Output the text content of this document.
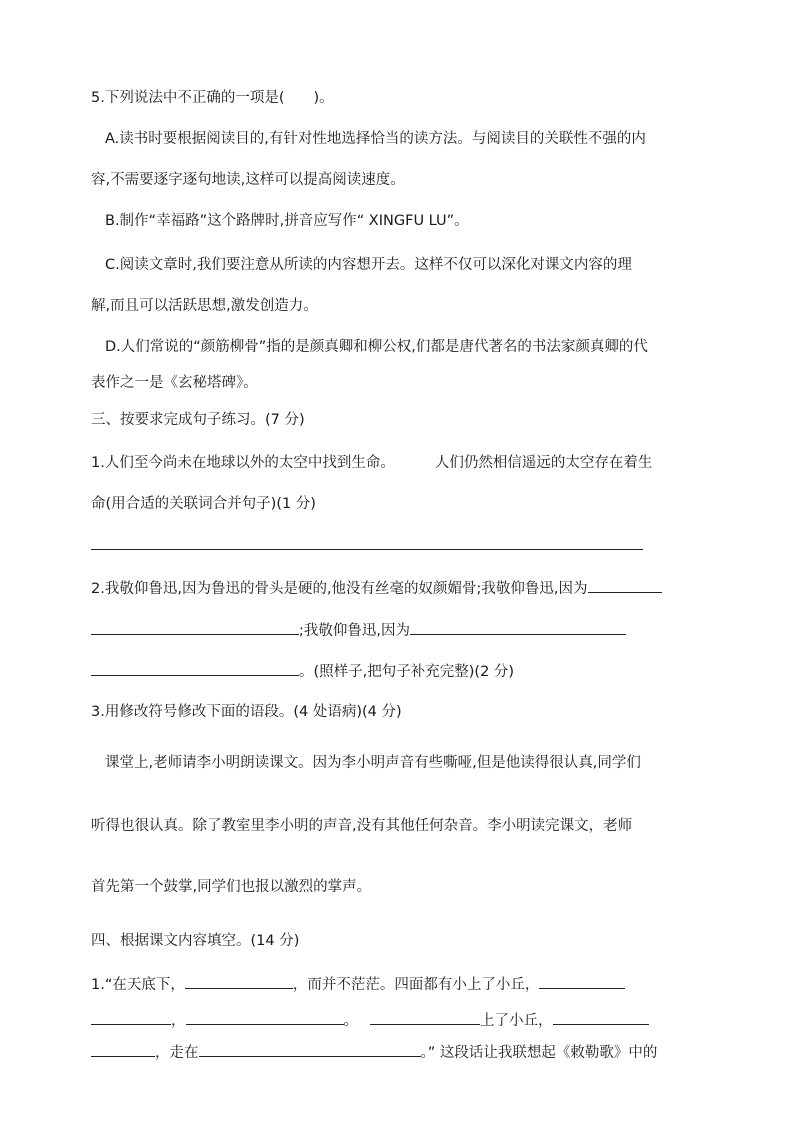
5.下列说法中不正确的一项是(　　)。
A.读书时要根据阅读目的,有针对性地选择恰当的读方法。与阅读目的关联性不强的内
容,不需要逐字逐句地读,这样可以提高阅读速度。
B.制作“幸福路”这个路牌时,拼音应写作“ XINGFU LU”。
C.阅读文章时,我们要注意从所读的内容想开去。这样不仅可以深化对课文内容的理
解,而且可以活跃思想,激发创造力。
D.人们常说的“颜筋柳骨”指的是颜真卿和柳公权,们都是唐代著名的书法家颜真卿的代
表作之一是《玄秘塔碑》。
三、按要求完成句子练习。(7 分)
1.人们至今尚未在地球以外的太空中找到生命。	人们仍然相信遥远的太空存在着生
命(用合适的关联词合并句子)(1 分)
2.我敬仰鲁迅,因为鲁迅的骨头是硬的,他没有丝毫的奴颜媚骨;我敬仰鲁迅,因为
;我敬仰鲁迅,因为
。(照样子,把句子补充完整)(2 分)
3.用修改符号修改下面的语段。(4 处语病)(4 分)
课堂上,老师请李小明朗读课文。因为李小明声音有些嘶哑,但是他读得很认真,同学们
听得也很认真。除了教室里李小明的声音,没有其他任何杂音。李小明读完课文，老师
首先第一个鼓掌,同学们也报以激烈的掌声。
四、根据课文内容填空。(14 分)
1.“在天底下，	，而并不茫茫。四面都有小上了小丘，
，	。	上了小丘，
，走在	。” 这段话让我联想起《敕勒歌》中的
